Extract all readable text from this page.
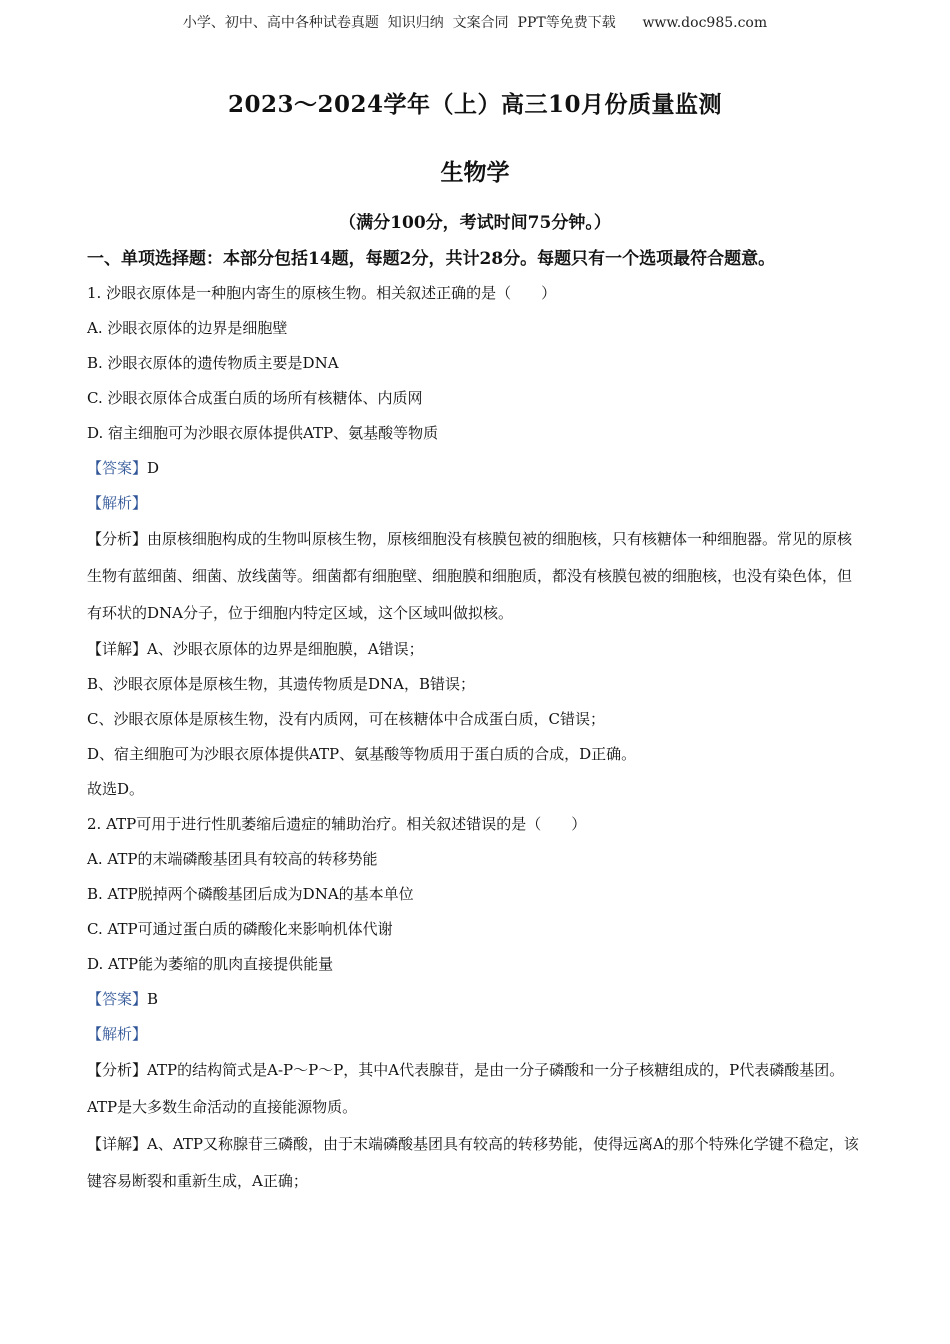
小学、初中、高中各种试卷真题  知识归纳  文案合同  PPT等免费下载      www.doc985.com
2023～2024学年（上）高三10月份质量监测
生物学
（满分100分，考试时间75分钟。）
一、单项选择题：本部分包括14题，每题2分，共计28分。每题只有一个选项最符合题意。
1. 沙眼衣原体是一种胞内寄生的原核生物。相关叙述正确的是（　　）
A. 沙眼衣原体的边界是细胞壁
B. 沙眼衣原体的遗传物质主要是DNA
C. 沙眼衣原体合成蛋白质的场所有核糖体、内质网
D. 宿主细胞可为沙眼衣原体提供ATP、氨基酸等物质
【答案】D
【解析】
【分析】由原核细胞构成的生物叫原核生物，原核细胞没有核膜包被的细胞核，只有核糖体一种细胞器。常见的原核生物有蓝细菌、细菌、放线菌等。细菌都有细胞壁、细胞膜和细胞质，都没有核膜包被的细胞核，也没有染色体，但有环状的DNA分子，位于细胞内特定区域，这个区域叫做拟核。
【详解】A、沙眼衣原体的边界是细胞膜，A错误；
B、沙眼衣原体是原核生物，其遗传物质是DNA，B错误；
C、沙眼衣原体是原核生物，没有内质网，可在核糖体中合成蛋白质，C错误；
D、宿主细胞可为沙眼衣原体提供ATP、氨基酸等物质用于蛋白质的合成，D正确。
故选D。
2. ATP可用于进行性肌萎缩后遗症的辅助治疗。相关叙述错误的是（　　）
A. ATP的末端磷酸基团具有较高的转移势能
B. ATP脱掉两个磷酸基团后成为DNA的基本单位
C. ATP可通过蛋白质的磷酸化来影响机体代谢
D. ATP能为萎缩的肌肉直接提供能量
【答案】B
【解析】
【分析】ATP的结构简式是A-P～P～P，其中A代表腺苷，是由一分子磷酸和一分子核糖组成的，P代表磷酸基团。ATP是大多数生命活动的直接能源物质。
【详解】A、ATP又称腺苷三磷酸，由于末端磷酸基团具有较高的转移势能，使得远离A的那个特殊化学键不稳定，该键容易断裂和重新生成，A正确；
